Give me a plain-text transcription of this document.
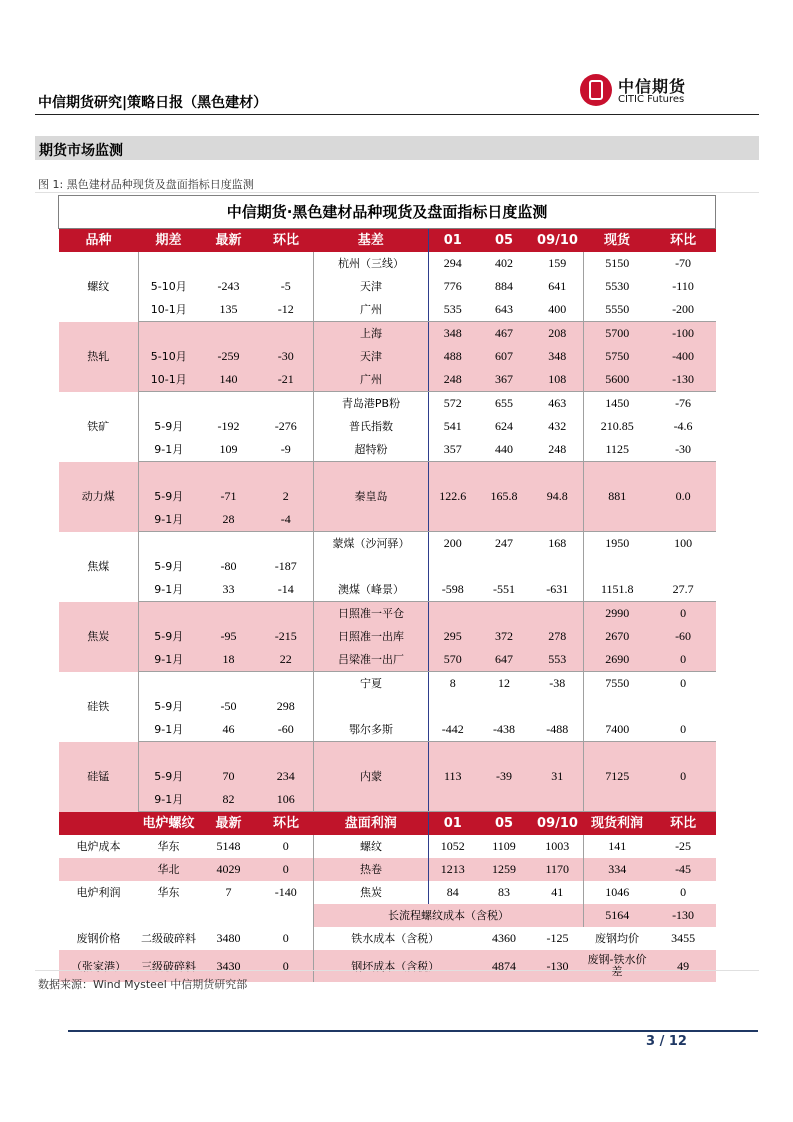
中信期货研究|策略日报（黑色建材）
中信期货
CITIC Futures
期货市场监测
图 1: 黑色建材品种现货及盘面指标日度监测
中信期货·黑色建材品种现货及盘面指标日度监测										
品种	期差	最新	环比	基差	01	05	09/10	现货	环比	
螺纹				杭州（三线）	294	402	159	5150	-70	
	5-10月	-243	-5	天津	776	884	641	5530	-110	
	10-1月	135	-12	广州	535	643	400	5550	-200	
热轧				上海	348	467	208	5700	-100	
	5-10月	-259	-30	天津	488	607	348	5750	-400	
	10-1月	140	-21	广州	248	367	108	5600	-130	
铁矿				青岛港PB粉	572	655	463	1450	-76	
	5-9月	-192	-276	普氏指数	541	624	432	210.85	-4.6	
	9-1月	109	-9	超特粉	357	440	248	1125	-30	
动力煤										
	5-9月	-71	2	秦皇岛	122.6	165.8	94.8	881	0.0	
	9-1月	28	-4							
焦煤				蒙煤（沙河驿）	200	247	168	1950	100	
	5-9月	-80	-187							
	9-1月	33	-14	澳煤（峰景）	-598	-551	-631	1151.8	27.7	
焦炭				日照准一平仓				2990	0	
	5-9月	-95	-215	日照准一出库	295	372	278	2670	-60	
	9-1月	18	22	吕梁准一出厂	570	647	553	2690	0	
硅铁				宁夏	8	12	-38	7550	0	
	5-9月	-50	298							
	9-1月	46	-60	鄂尔多斯	-442	-438	-488	7400	0	
硅锰										
	5-9月	70	234	内蒙	113	-39	31	7125	0	
	9-1月	82	106							
	电炉螺纹	最新	环比	盘面利润	01	05	09/10	现货利润	环比	
电炉成本	华东	5148	0	螺纹	1052	1109	1003	141	-25	
	华北	4029	0	热卷	1213	1259	1170	334	-45	
电炉利润	华东	7	-140	焦炭	84	83	41	1046	0	
				长流程螺纹成本（含税）				5164	-130	
废钢价格	二级破碎料	3480	0	铁水成本（含税）		4360	-125	废钢均价	3455	
（张家港）	三级破碎料	3430	0	钢坯成本（含税）		4874	-130	废钢-铁水价差	49	
数据来源：Wind Mysteel 中信期货研究部
3 / 12
